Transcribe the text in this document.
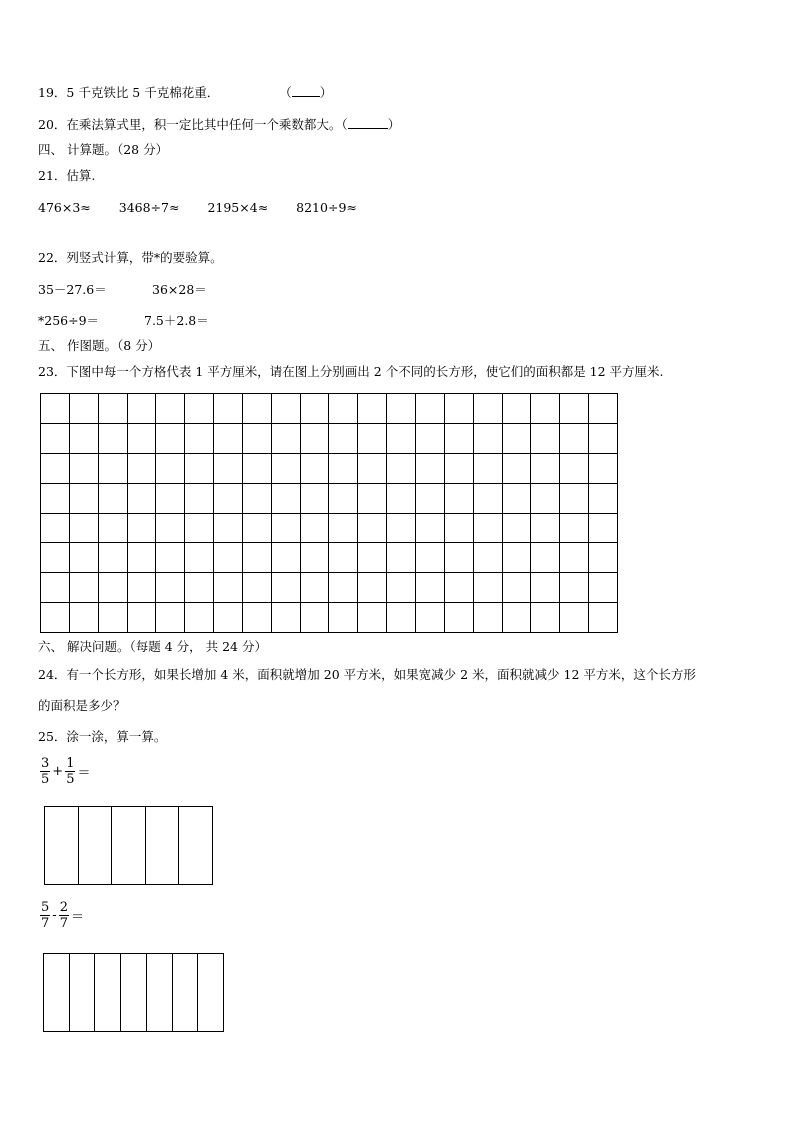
19．5 千克铁比 5 千克棉花重．	（ ）
20．在乘法算式里，积一定比其中任何一个乘数都大。（	）
四、 计算题。（28 分）
21．估算.
476×3≈ 3468÷7≈ 2195×4≈ 8210÷9≈
22．列竖式计算，带*的要验算。
35－27.6＝	36×28＝
*256÷9＝	7.5＋2.8＝
五、 作图题。（8 分）
23．下图中每一个方格代表 1 平方厘米，请在图上分别画出 2 个不同的长方形，使它们的面积都是 12 平方厘米.
六、 解决问题。（每题 4 分， 共 24 分）
24．有一个长方形，如果长增加 4 米，面积就增加 20 平方米，如果宽减少 2 米，面积就减少 12 平方米，这个长方形
的面积是多少？
25．涂一涂，算一算。
$\frac{3}{5} + \frac{1}{5}$ ＝
$\frac{5}{7} - \frac{2}{7}$ ＝
